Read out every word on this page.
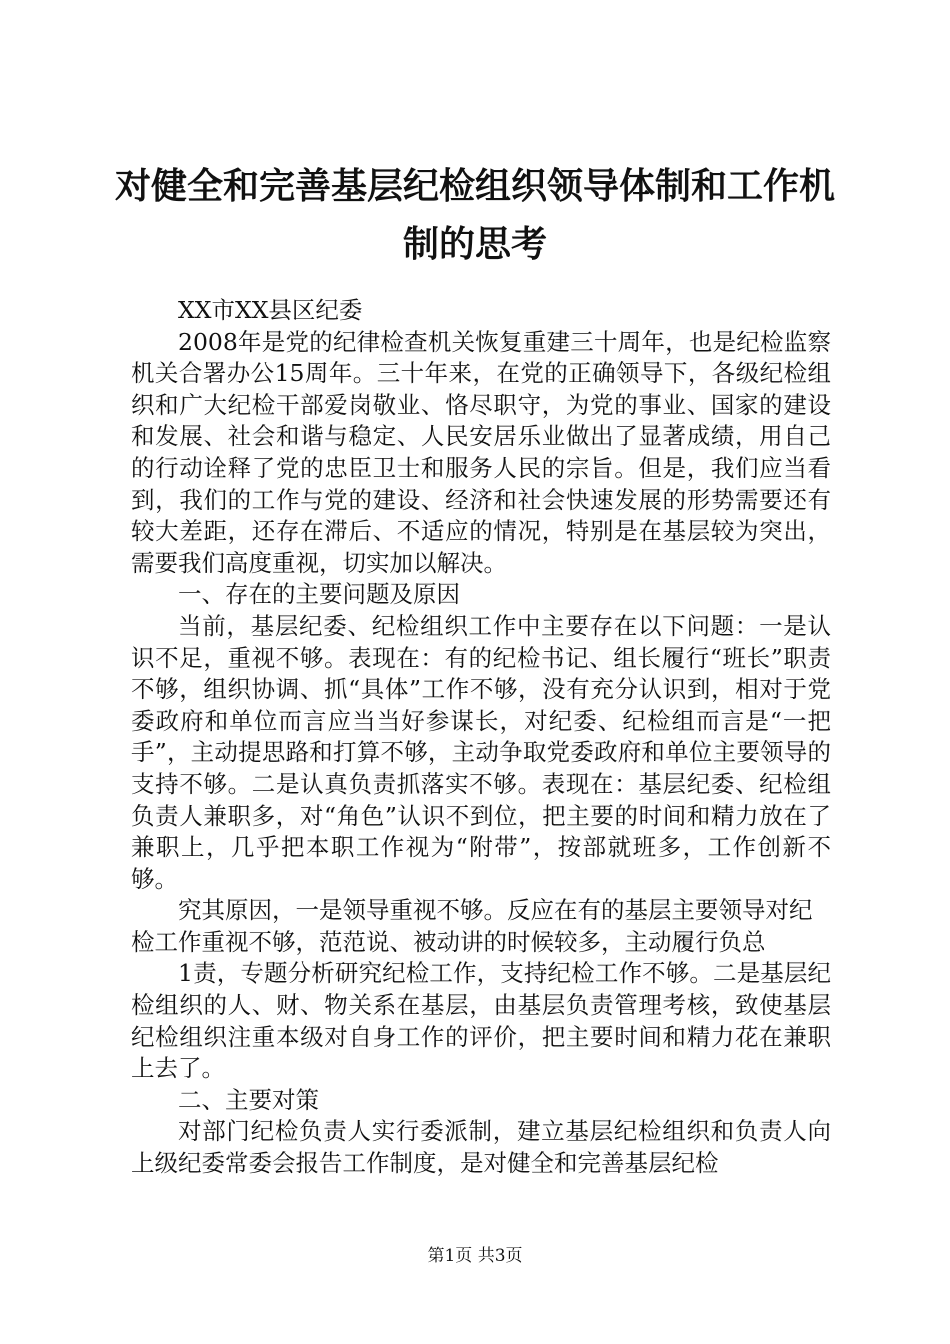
对健全和完善基层纪检组织领导体制和工作机
制的思考

XX市XX县区纪委

2008年是党的纪律检查机关恢复重建三十周年，也是纪检监察机关合署办公15周年。三十年来，在党的正确领导下，各级纪检组织和广大纪检干部爱岗敬业、恪尽职守，为党的事业、国家的建设和发展、社会和谐与稳定、人民安居乐业做出了显著成绩，用自己的行动诠释了党的忠臣卫士和服务人民的宗旨。但是，我们应当看到，我们的工作与党的建设、经济和社会快速发展的形势需要还有较大差距，还存在滞后、不适应的情况，特别是在基层较为突出，需要我们高度重视，切实加以解决。

一、存在的主要问题及原因

当前，基层纪委、纪检组织工作中主要存在以下问题：一是认识不足，重视不够。表现在：有的纪检书记、组长履行“班长”职责不够，组织协调、抓“具体”工作不够，没有充分认识到，相对于党委政府和单位而言应当当好参谋长，对纪委、纪检组而言是“一把手”，主动提思路和打算不够，主动争取党委政府和单位主要领导的支持不够。二是认真负责抓落实不够。表现在：基层纪委、纪检组负责人兼职多，对“角色”认识不到位，把主要的时间和精力放在了兼职上，几乎把本职工作视为“附带”，按部就班多，工作创新不够。

究其原因，一是领导重视不够。反应在有的基层主要领导对纪检工作重视不够，范范说、被动讲的时候较多，主动履行负总

1责，专题分析研究纪检工作，支持纪检工作不够。二是基层纪检组织的人、财、物关系在基层，由基层负责管理考核，致使基层纪检组织注重本级对自身工作的评价，把主要时间和精力花在兼职上去了。

二、主要对策

对部门纪检负责人实行委派制，建立基层纪检组织和负责人向上级纪委常委会报告工作制度，是对健全和完善基层纪检

第1页 共3页
